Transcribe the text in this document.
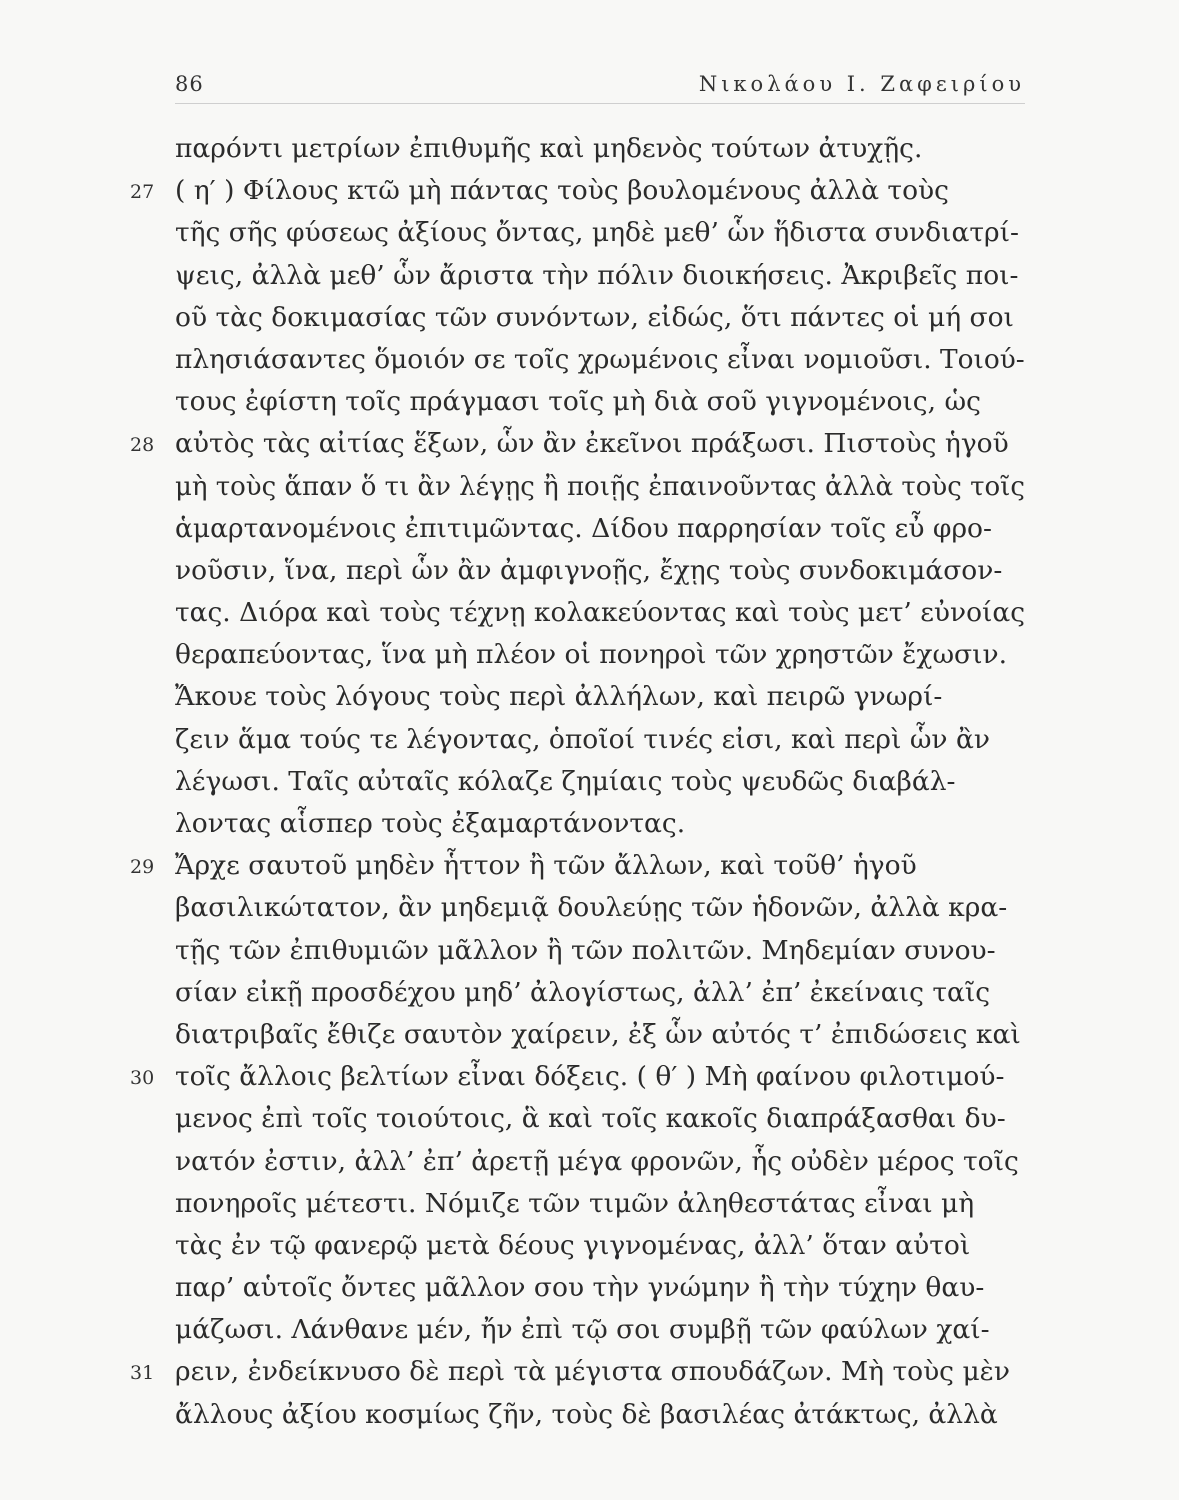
86	Νικολάου Ι. Ζαφειρίου
παρόντι μετρίων ἐπιθυμῆς καὶ μηδενὸς τούτων ἀτυχῇς.
27 ( η′ ) Φίλους κτῶ μὴ πάντας τοὺς βουλομένους ἀλλὰ τοὺς
τῆς σῆς φύσεως ἀξίους ὄντας, μηδὲ μεθ’ ὧν ἥδιστα συνδιατρί-
ψεις, ἀλλὰ μεθ’ ὧν ἄριστα τὴν πόλιν διοικήσεις. Ἀκριβεῖς ποι-
οῦ τὰς δοκιμασίας τῶν συνόντων, εἰδώς, ὅτι πάντες οἱ μή σοι
πλησιάσαντες ὅμοιόν σε τοῖς χρωμένοις εἶναι νομιοῦσι. Τοιού-
τους ἐφίστη τοῖς πράγμασι τοῖς μὴ διὰ σοῦ γιγνομένοις, ὡς
28 αὐτὸς τὰς αἰτίας ἕξων, ὧν ἂν ἐκεῖνοι πράξωσι. Πιστοὺς ἡγοῦ
μὴ τοὺς ἅπαν ὅ τι ἂν λέγῃς ἢ ποιῇς ἐπαινοῦντας ἀλλὰ τοὺς τοῖς
ἁμαρτανομένοις ἐπιτιμῶντας. Δίδου παρρησίαν τοῖς εὖ φρο-
νοῦσιν, ἵνα, περὶ ὧν ἂν ἀμφιγνοῇς, ἔχῃς τοὺς συνδοκιμάσον-
τας. Διόρα καὶ τοὺς τέχνῃ κολακεύοντας καὶ τοὺς μετ’ εὐνοίας
θεραπεύοντας, ἵνα μὴ πλέον οἱ πονηροὶ τῶν χρηστῶν ἔχωσιν.
Ἄκουε τοὺς λόγους τοὺς περὶ ἀλλήλων, καὶ πειρῶ γνωρί-
ζειν ἅμα τούς τε λέγοντας, ὁποῖοί τινές εἰσι, καὶ περὶ ὧν ἂν
λέγωσι. Ταῖς αὐταῖς κόλαζε ζημίαις τοὺς ψευδῶς διαβάλ-
λοντας αἷσπερ τοὺς ἐξαμαρτάνοντας.
29 Ἄρχε σαυτοῦ μηδὲν ἧττον ἢ τῶν ἄλλων, καὶ τοῦθ’ ἡγοῦ
βασιλικώτατον, ἂν μηδεμιᾷ δουλεύῃς τῶν ἡδονῶν, ἀλλὰ κρα-
τῇς τῶν ἐπιθυμιῶν μᾶλλον ἢ τῶν πολιτῶν. Μηδεμίαν συνου-
σίαν εἰκῇ προσδέχου μηδ’ ἀλογίστως, ἀλλ’ ἐπ’ ἐκείναις ταῖς
διατριβαῖς ἔθιζε σαυτὸν χαίρειν, ἐξ ὧν αὐτός τ’ ἐπιδώσεις καὶ
30 τοῖς ἄλλοις βελτίων εἶναι δόξεις. ( θ′ ) Μὴ φαίνου φιλοτιμού-
μενος ἐπὶ τοῖς τοιούτοις, ἃ καὶ τοῖς κακοῖς διαπράξασθαι δυ-
νατόν ἐστιν, ἀλλ’ ἐπ’ ἀρετῇ μέγα φρονῶν, ἧς οὐδὲν μέρος τοῖς
πονηροῖς μέτεστι. Νόμιζε τῶν τιμῶν ἀληθεστάτας εἶναι μὴ
τὰς ἐν τῷ φανερῷ μετὰ δέους γιγνομένας, ἀλλ’ ὅταν αὐτοὶ
παρ’ αὑτοῖς ὄντες μᾶλλον σου τὴν γνώμην ἢ τὴν τύχην θαυ-
μάζωσι. Λάνθανε μέν, ἤν ἐπὶ τῷ σοι συμβῇ τῶν φαύλων χαί-
31 ρειν, ἐνδείκνυσο δὲ περὶ τὰ μέγιστα σπουδάζων. Μὴ τοὺς μὲν
ἄλλους ἀξίου κοσμίως ζῆν, τοὺς δὲ βασιλέας ἀτάκτως, ἀλλὰ
